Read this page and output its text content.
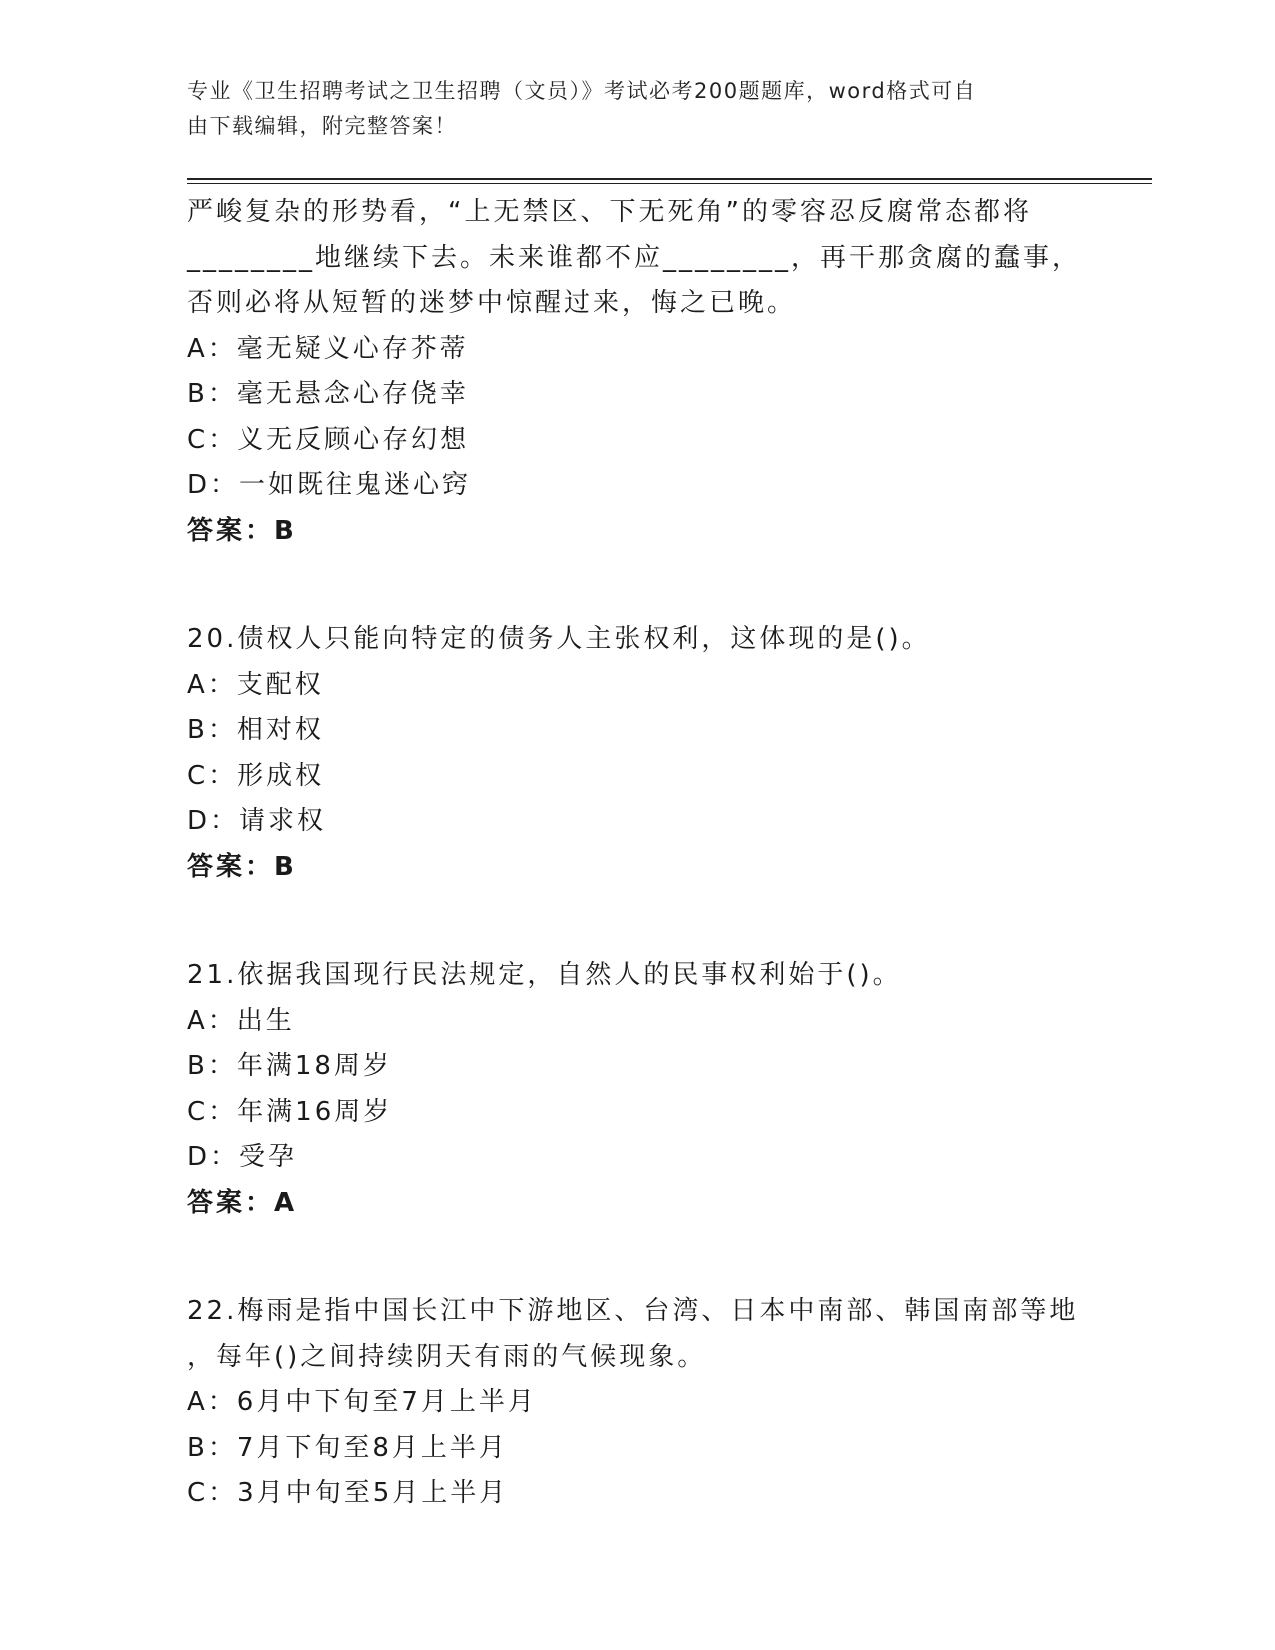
专业《卫生招聘考试之卫生招聘（文员）》考试必考200题题库，word格式可自
由下载编辑，附完整答案！
严峻复杂的形势看，“上无禁区、下无死角”的零容忍反腐常态都将
________地继续下去。未来谁都不应________，再干那贪腐的蠢事，
否则必将从短暂的迷梦中惊醒过来，悔之已晚。
A：毫无疑义心存芥蒂
B：毫无悬念心存侥幸
C：义无反顾心存幻想
D：一如既往鬼迷心窍
答案：B
20.债权人只能向特定的债务人主张权利，这体现的是()。
A：支配权
B：相对权
C：形成权
D：请求权
答案：B
21.依据我国现行民法规定，自然人的民事权利始于()。
A：出生
B：年满18周岁
C：年满16周岁
D：受孕
答案：A
22.梅雨是指中国长江中下游地区、台湾、日本中南部、韩国南部等地
，每年()之间持续阴天有雨的气候现象。
A：6月中下旬至7月上半月
B：7月下旬至8月上半月
C：3月中旬至5月上半月
